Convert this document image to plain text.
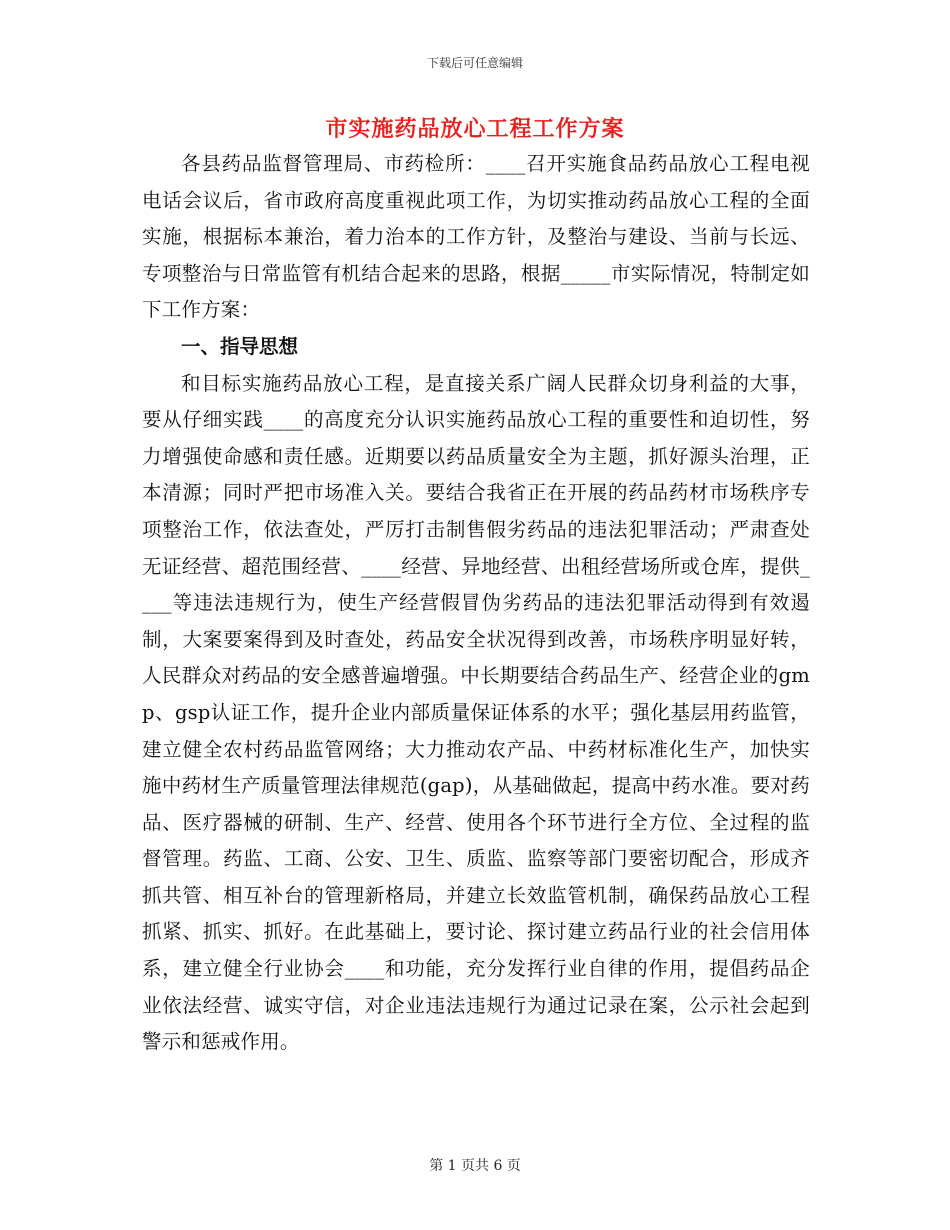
下载后可任意编辑
市实施药品放心工程工作方案

各县药品监督管理局、市药检所：____召开实施食品药品放心工程电视电话会议后，省市政府高度重视此项工作，为切实推动药品放心工程的全面实施，根据标本兼治，着力治本的工作方针，及整治与建设、当前与长远、专项整治与日常监管有机结合起来的思路，根据_____市实际情况，特制定如下工作方案：

一、指导思想

和目标实施药品放心工程，是直接关系广阔人民群众切身利益的大事，要从仔细实践____的高度充分认识实施药品放心工程的重要性和迫切性，努力增强使命感和责任感。近期要以药品质量安全为主题，抓好源头治理，正本清源；同时严把市场准入关。要结合我省正在开展的药品药材市场秩序专项整治工作，依法查处，严厉打击制售假劣药品的违法犯罪活动；严肃查处无证经营、超范围经营、____经营、异地经营、出租经营场所或仓库，提供____等违法违规行为，使生产经营假冒伪劣药品的违法犯罪活动得到有效遏制，大案要案得到及时查处，药品安全状况得到改善，市场秩序明显好转，人民群众对药品的安全感普遍增强。中长期要结合药品生产、经营企业的gmp、gsp认证工作，提升企业内部质量保证体系的水平；强化基层用药监管，建立健全农村药品监管网络；大力推动农产品、中药材标准化生产，加快实施中药材生产质量管理法律规范(gap)，从基础做起，提高中药水准。要对药品、医疗器械的研制、生产、经营、使用各个环节进行全方位、全过程的监督管理。药监、工商、公安、卫生、质监、监察等部门要密切配合，形成齐抓共管、相互补台的管理新格局，并建立长效监管机制，确保药品放心工程抓紧、抓实、抓好。在此基础上，要讨论、探讨建立药品行业的社会信用体系，建立健全行业协会____和功能，充分发挥行业自律的作用，提倡药品企业依法经营、诚实守信，对企业违法违规行为通过记录在案，公示社会起到警示和惩戒作用。

第 1 页共 6 页
